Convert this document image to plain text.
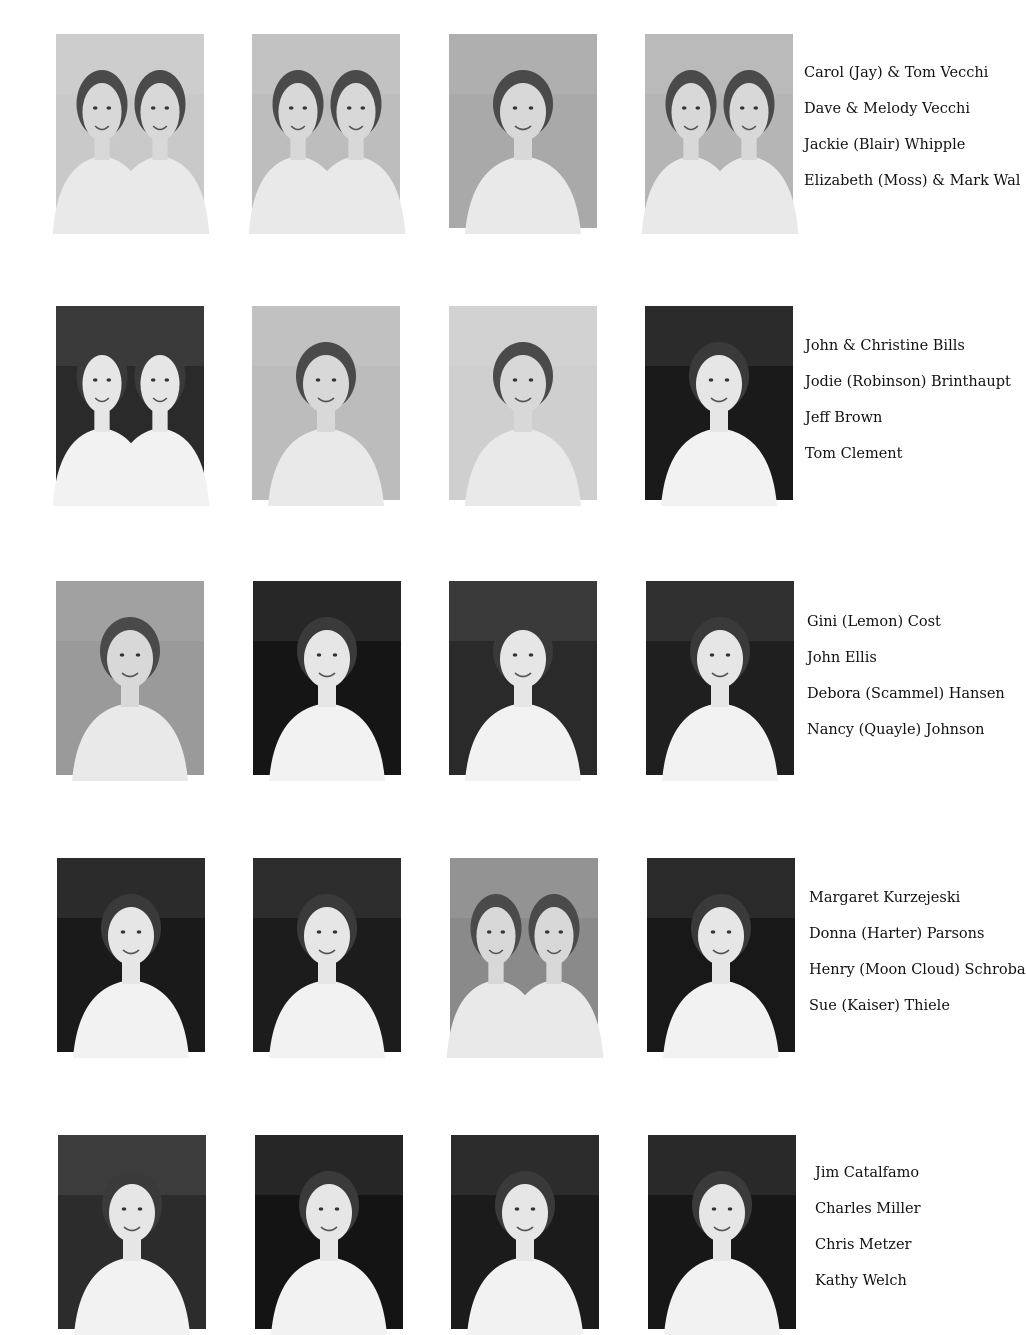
Carol (Jay) & Tom Vecchi
Dave & Melody Vecchi
Jackie (Blair) Whipple
Elizabeth (Moss) & Mark Wal
John & Christine Bills
Jodie (Robinson) Brinthaupt
Jeff Brown
Tom Clement
Gini (Lemon) Cost
John Ellis
Debora (Scammel) Hansen
Nancy (Quayle) Johnson
Margaret Kurzejeski
Donna (Harter) Parsons
Henry (Moon Cloud) Schroba
Sue (Kaiser) Thiele
Jim Catalfamo
Charles Miller
Chris Metzer
Kathy Welch
